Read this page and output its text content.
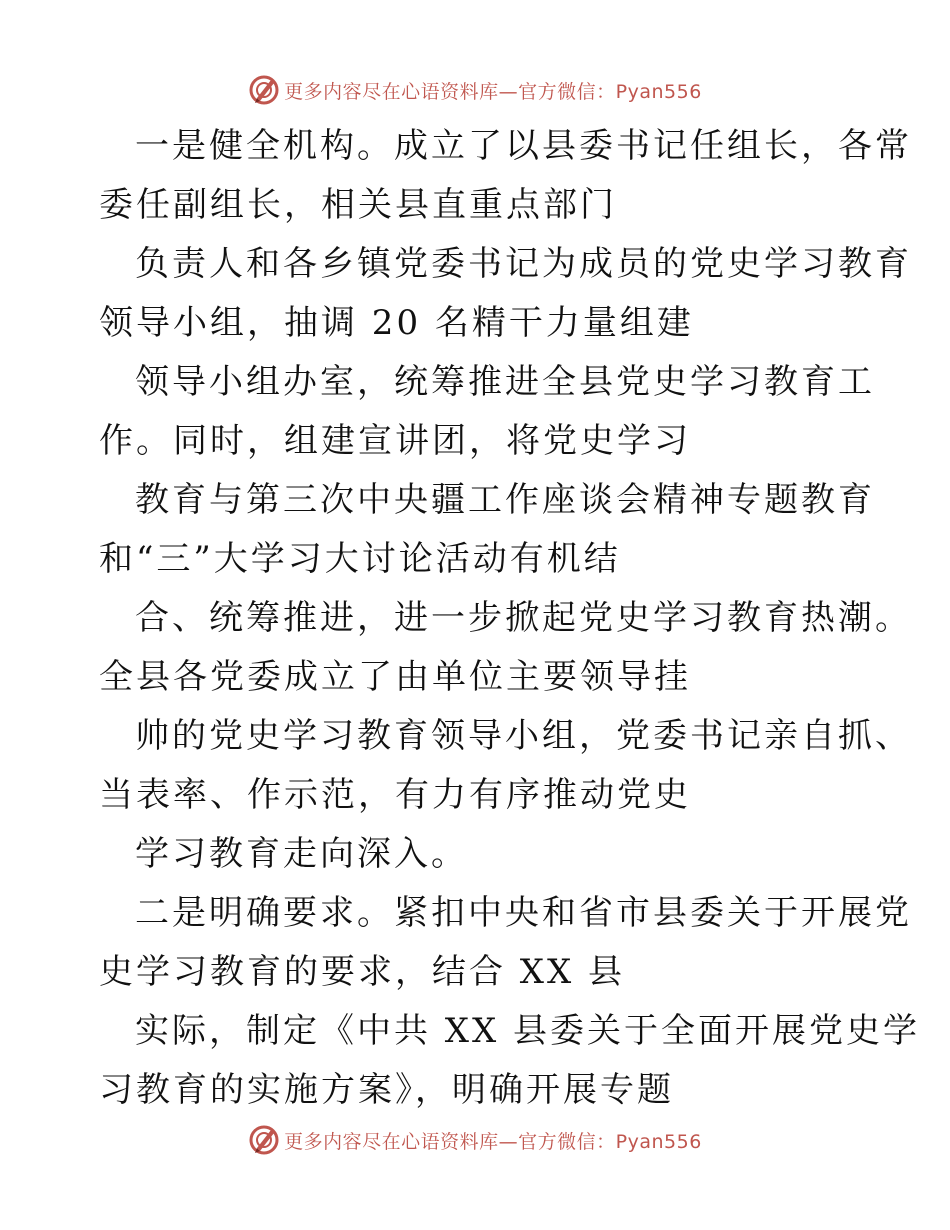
更多内容尽在心语资料库—官方微信：Pyan556
一是健全机构。成立了以县委书记任组长，各常
委任副组长，相关县直重点部门
负责人和各乡镇党委书记为成员的党史学习教育
领导小组，抽调 20 名精干力量组建
领导小组办室，统筹推进全县党史学习教育工
作。同时，组建宣讲团，将党史学习
教育与第三次中央疆工作座谈会精神专题教育
和“三”大学习大讨论活动有机结
合、统筹推进，进一步掀起党史学习教育热潮。
全县各党委成立了由单位主要领导挂
帅的党史学习教育领导小组，党委书记亲自抓、
当表率、作示范，有力有序推动党史
学习教育走向深入。
二是明确要求。紧扣中央和省市县委关于开展党
史学习教育的要求，结合 XX 县
实际，制定《中共 XX 县委关于全面开展党史学
习教育的实施方案》，明确开展专题
更多内容尽在心语资料库—官方微信：Pyan556
